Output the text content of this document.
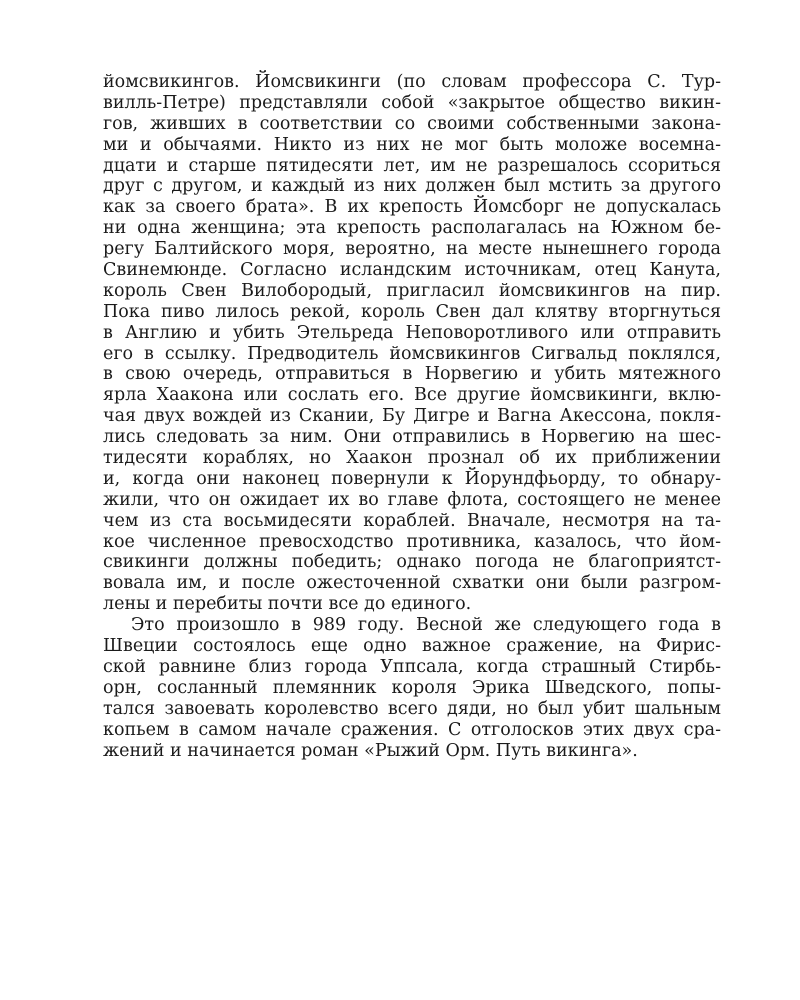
йомсвикингов. Йомсвикинги (по словам профессора С. Тур-
вилль-Петре) представляли собой «закрытое общество викин-
гов, живших в соответствии со своими собственными закона-
ми и обычаями. Никто из них не мог быть моложе восемна-
дцати и старше пятидесяти лет, им не разрешалось ссориться
друг с другом, и каждый из них должен был мстить за другого
как за своего брата». В их крепость Йомсборг не допускалась
ни одна женщина; эта крепость располагалась на Южном бе-
регу Балтийского моря, вероятно, на месте нынешнего города
Свинемюнде. Согласно исландским источникам, отец Канута,
король Свен Вилобородый, пригласил йомсвикингов на пир.
Пока пиво лилось рекой, король Свен дал клятву вторгнуться
в Англию и убить Этельреда Неповоротливого или отправить
его в ссылку. Предводитель йомсвикингов Сигвальд поклялся,
в свою очередь, отправиться в Норвегию и убить мятежного
ярла Хаакона или сослать его. Все другие йомсвикинги, вклю-
чая двух вождей из Скании, Бу Дигре и Вагна Акессона, покля-
лись следовать за ним. Они отправились в Норвегию на шес-
тидесяти кораблях, но Хаакон прознал об их приближении
и, когда они наконец повернули к Йорундфьорду, то обнару-
жили, что он ожидает их во главе флота, состоящего не менее
чем из ста восьмидесяти кораблей. Вначале, несмотря на та-
кое численное превосходство противника, казалось, что йом-
свикинги должны победить; однако погода не благоприятст-
вовала им, и после ожесточенной схватки они были разгром-
лены и перебиты почти все до единого.
Это произошло в 989 году. Весной же следующего года в
Швеции состоялось еще одно важное сражение, на Фирис-
ской равнине близ города Уппсала, когда страшный Стирбь-
орн, сосланный племянник короля Эрика Шведского, попы-
тался завоевать королевство всего дяди, но был убит шальным
копьем в самом начале сражения. С отголосков этих двух сра-
жений и начинается роман «Рыжий Орм. Путь викинга».
